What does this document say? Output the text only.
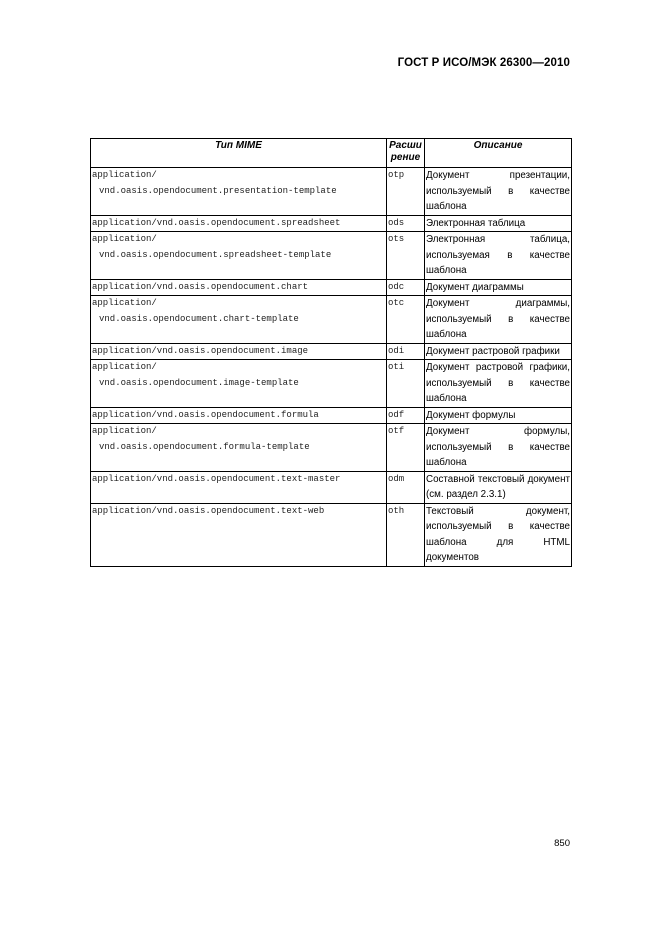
ГОСТ Р ИСО/МЭК 26300—2010
Тип MIME	Расши рение	Описание

application/
vnd.oasis.opendocument.presentation-template	otp	Документ презентации, используемый в качестве шаблона

application/vnd.oasis.opendocument.spreadsheet	ods	Электронная таблица

application/
vnd.oasis.opendocument.spreadsheet-template	ots	Электронная таблица, используемая в качестве шаблона

application/vnd.oasis.opendocument.chart	odc	Документ диаграммы

application/
vnd.oasis.opendocument.chart-template	otc	Документ диаграммы, используемый в качестве шаблона

application/vnd.oasis.opendocument.image	odi	Документ растровой графики

application/
vnd.oasis.opendocument.image-template	oti	Документ растровой графики, используемый в качестве шаблона

application/vnd.oasis.opendocument.formula	odf	Документ формулы

application/
vnd.oasis.opendocument.formula-template	otf	Документ формулы, используемый в качестве шаблона

application/vnd.oasis.opendocument.text-master	odm	Составной текстовый документ (см. раздел 2.3.1)

application/vnd.oasis.opendocument.text-web	oth	Текстовый документ, используемый в качестве шаблона для HTML документов
850
